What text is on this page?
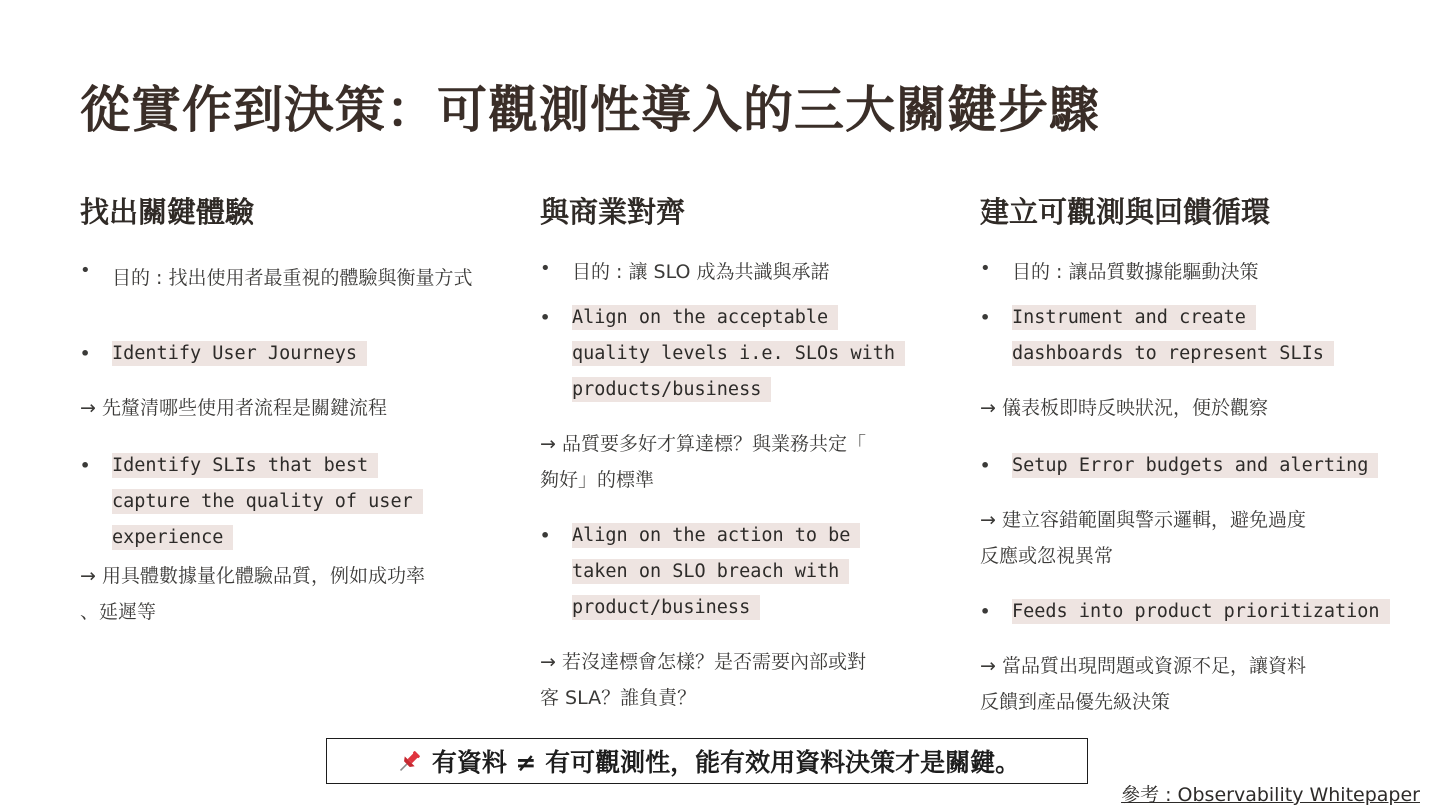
從實作到決策：可觀測性導入的三大關鍵步驟
找出關鍵體驗
• 目的 : 找出使用者最重視的體驗與衡量方式
• Identify User Journeys
→ 先釐清哪些使用者流程是關鍵流程
• Identify SLIs that best
capture the quality of user
experience
→ 用具體數據量化體驗品質，例如成功率
、延遲等
與商業對齊
• 目的 : 讓 SLO 成為共識與承諾
• Align on the acceptable
quality levels i.e. SLOs with
products/business
→ 品質要多好才算達標？與業務共定「
夠好」的標準
• Align on the action to be
taken on SLO breach with
product/business
→ 若沒達標會怎樣？是否需要內部或對
客 SLA？誰負責？
建立可觀測與回饋循環
• 目的 : 讓品質數據能驅動決策
• Instrument and create
dashboards to represent SLIs
→ 儀表板即時反映狀況，便於觀察
• Setup Error budgets and alerting
→ 建立容錯範圍與警示邏輯，避免過度
反應或忽視異常
• Feeds into product prioritization
→ 當品質出現問題或資源不足，讓資料
反饋到產品優先級決策
有資料 ≠ 有可觀測性，能有效用資料決策才是關鍵。
參考 : Observability Whitepaper
